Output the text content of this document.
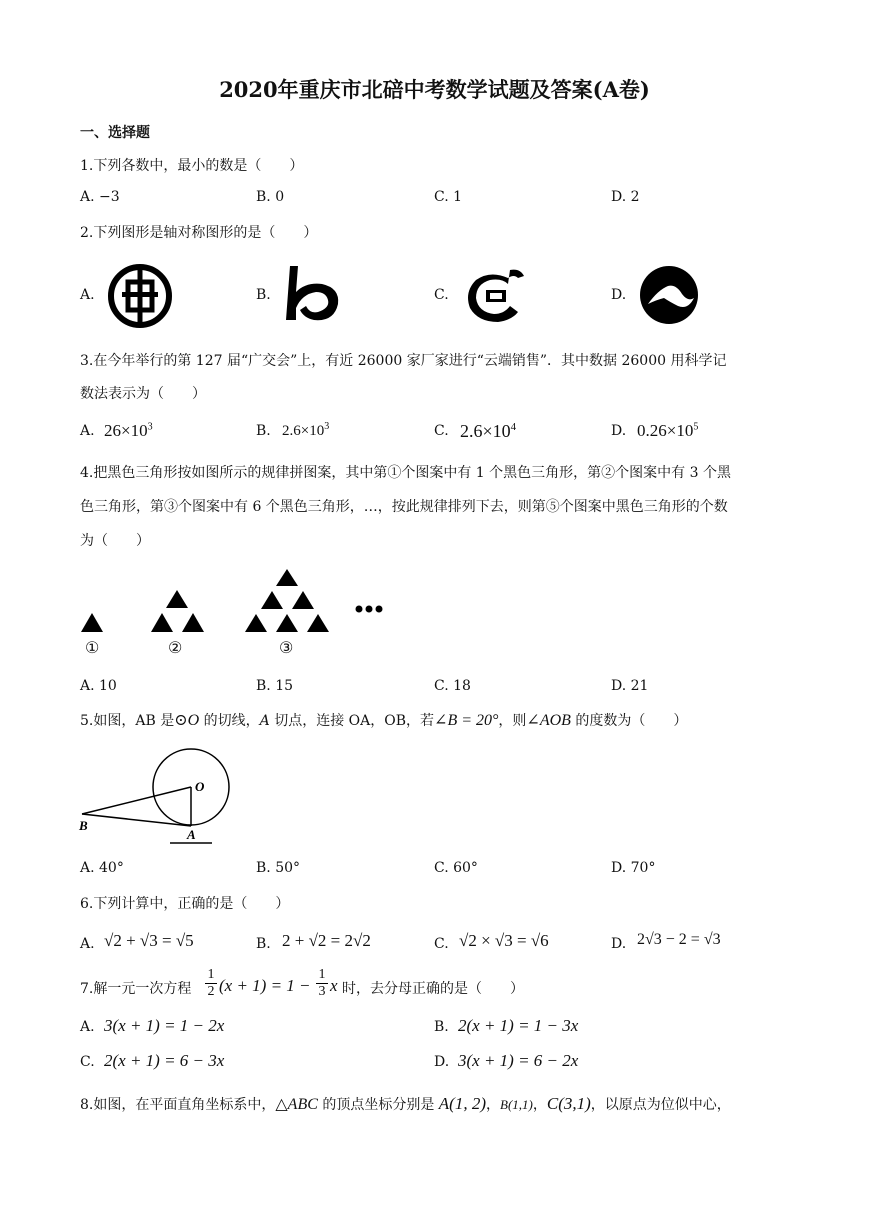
2020年重庆市北碚中考数学试题及答案(A卷)
一、选择题
1.下列各数中，最小的数是（　　）
A. −3	B. 0	C. 1	D. 2
2.下列图形是轴对称图形的是（　　）
A.	B.	C.	D.
3.在今年举行的第 127 届“广交会”上，有近 26000 家厂家进行“云端销售”．其中数据 26000 用科学记
数法表示为（　　）
A. $26\times 10^3$	B. $2.6\times 10^3$	C. $2.6\times 10^4$	D. $0.26\times 10^5$
4.把黑色三角形按如图所示的规律拼图案，其中第①个图案中有 1 个黑色三角形，第②个图案中有 3 个黑
色三角形，第③个图案中有 6 个黑色三角形，…，按此规律排列下去，则第⑤个图案中黑色三角形的个数
为（　　）
①	②	③
A. 10	B. 15	C. 18	D. 21
5.如图，AB 是⊙O 的切线，A 切点，连接 OA，OB，若∠B = 20°，则∠AOB 的度数为（　　）
O
A
B
A. 40°	B. 50°	C. 60°	D. 70°
6.下列计算中，正确的是（　　）
A. √2 + √3 = √5	B. 2 + √2 = 2√2	C. √2 × √3 = √6	D. 2√3 − 2 = √3
7.解一元一次方程
1
2 (x + 1) = 1 −
1
3 x 时，去分母正确的是（　　）
A. 3(x + 1) = 1 − 2x	B. 2(x + 1) = 1 − 3x
C. 2(x + 1) = 6 − 3x	D. 3(x + 1) = 6 − 2x
8.如图，在平面直角坐标系中，△ABC 的顶点坐标分别是 A(1, 2)，B(1,1)，C(3,1)，以原点为位似中心，
